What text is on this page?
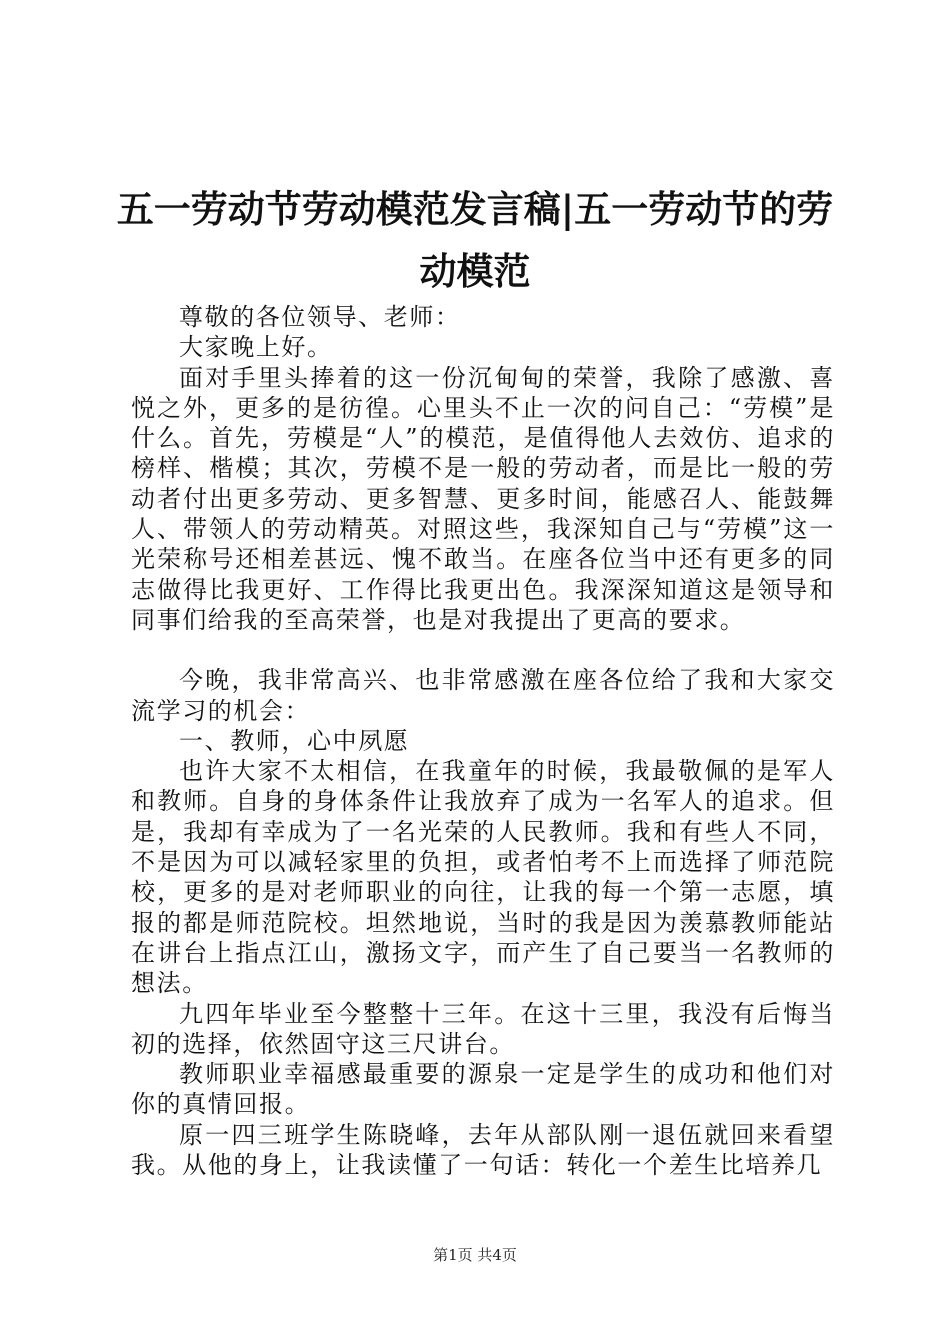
五一劳动节劳动模范发言稿|五一劳动节的劳
动模范

尊敬的各位领导、老师：

大家晚上好。

面对手里头捧着的这一份沉甸甸的荣誉，我除了感激、喜悦之外，更多的是彷徨。心里头不止一次的问自己：“劳模”是什么。首先，劳模是“人”的模范，是值得他人去效仿、追求的榜样、楷模；其次，劳模不是一般的劳动者，而是比一般的劳动者付出更多劳动、更多智慧、更多时间，能感召人、能鼓舞人、带领人的劳动精英。对照这些，我深知自己与“劳模”这一光荣称号还相差甚远、愧不敢当。在座各位当中还有更多的同志做得比我更好、工作得比我更出色。我深深知道这是领导和同事们给我的至高荣誉，也是对我提出了更高的要求。

今晚，我非常高兴、也非常感激在座各位给了我和大家交流学习的机会：

一、教师，心中夙愿

也许大家不太相信，在我童年的时候，我最敬佩的是军人和教师。自身的身体条件让我放弃了成为一名军人的追求。但是，我却有幸成为了一名光荣的人民教师。我和有些人不同，不是因为可以减轻家里的负担，或者怕考不上而选择了师范院校，更多的是对老师职业的向往，让我的每一个第一志愿，填报的都是师范院校。坦然地说，当时的我是因为羡慕教师能站在讲台上指点江山，激扬文字，而产生了自己要当一名教师的想法。

九四年毕业至今整整十三年。在这十三里，我没有后悔当初的选择，依然固守这三尺讲台。

教师职业幸福感最重要的源泉一定是学生的成功和他们对你的真情回报。

原一四三班学生陈晓峰，去年从部队刚一退伍就回来看望我。从他的身上，让我读懂了一句话：转化一个差生比培养几

第1页 共4页
